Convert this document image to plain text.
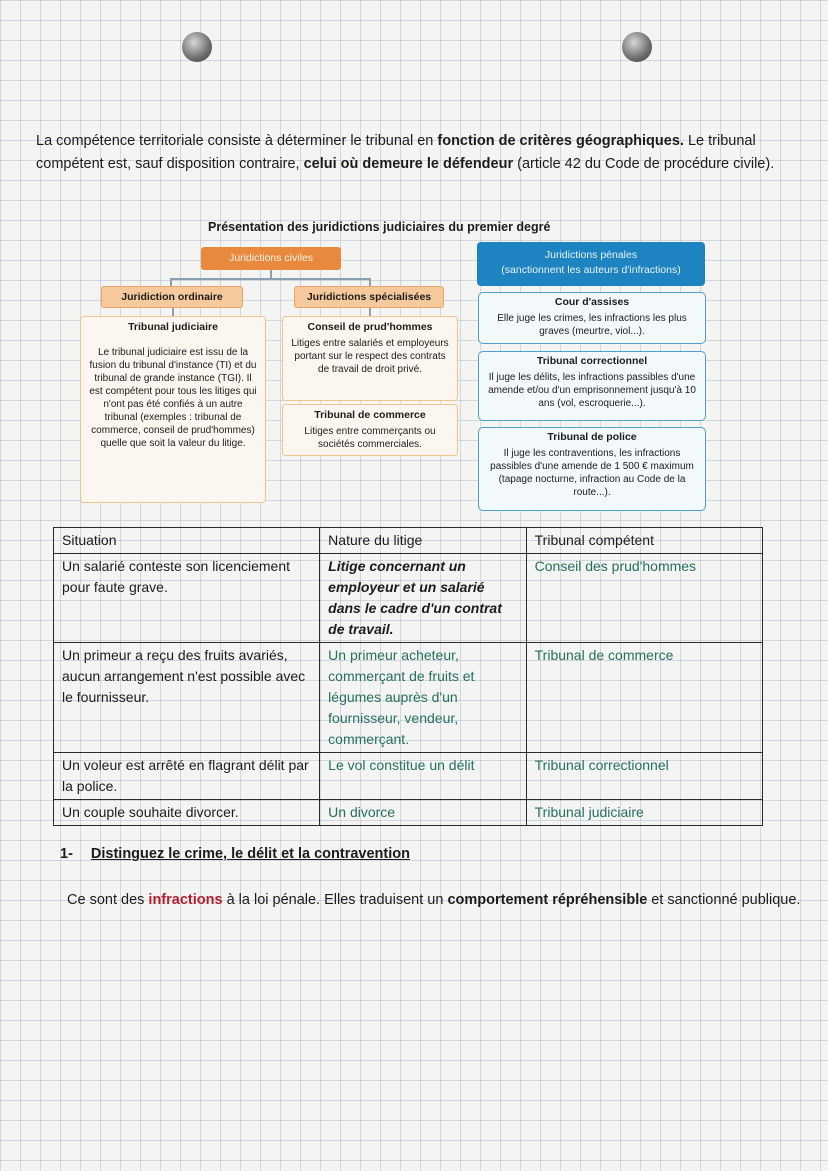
La compétence territoriale consiste à déterminer le tribunal en fonction de critères géographiques. Le tribunal compétent est, sauf disposition contraire, celui où demeure le défendeur (article 42 du Code de procédure civile).
Présentation des juridictions judiciaires du premier degré
Juridictions civiles
Juridiction ordinaire	Juridictions spécialisées
Tribunal judiciaire
Le tribunal judiciaire est issu de la fusion du tribunal d'instance (TI) et du tribunal de grande instance (TGI). Il est compétent pour tous les litiges qui n'ont pas été confiés à un autre tribunal (exemples : tribunal de commerce, conseil de prud'hommes) quelle que soit la valeur du litige.
Conseil de prud'hommes
Litiges entre salariés et employeurs portant sur le respect des contrats de travail de droit privé.
Tribunal de commerce
Litiges entre commerçants ou sociétés commerciales.
Juridictions pénales
(sanctionnent les auteurs d'infractions)
Cour d'assises
Elle juge les crimes, les infractions les plus graves (meurtre, viol...).
Tribunal correctionnel
Il juge les délits, les infractions passibles d'une amende et/ou d'un emprisonnement jusqu'à 10 ans (vol, escroquerie...).
Tribunal de police
Il juge les contraventions, les infractions passibles d'une amende de 1 500 € maximum (tapage nocturne, infraction au Code de la route...).
Situation	Nature du litige	Tribunal compétent
Un salarié conteste son licenciement pour faute grave.	Litige concernant un employeur et un salarié dans le cadre d'un contrat de travail.	Conseil des prud'hommes
Un primeur a reçu des fruits avariés, aucun arrangement n'est possible avec le fournisseur.	Un primeur acheteur, commerçant de fruits et légumes auprès d'un fournisseur, vendeur, commerçant.	Tribunal de commerce
Un voleur est arrêté en flagrant délit par la police.	Le vol constitue un délit	Tribunal correctionnel
Un couple souhaite divorcer.	Un divorce	Tribunal judiciaire
1- Distinguez le crime, le délit et la contravention
Ce sont des infractions à la loi pénale. Elles traduisent un comportement répréhensible et sanctionné publique.
